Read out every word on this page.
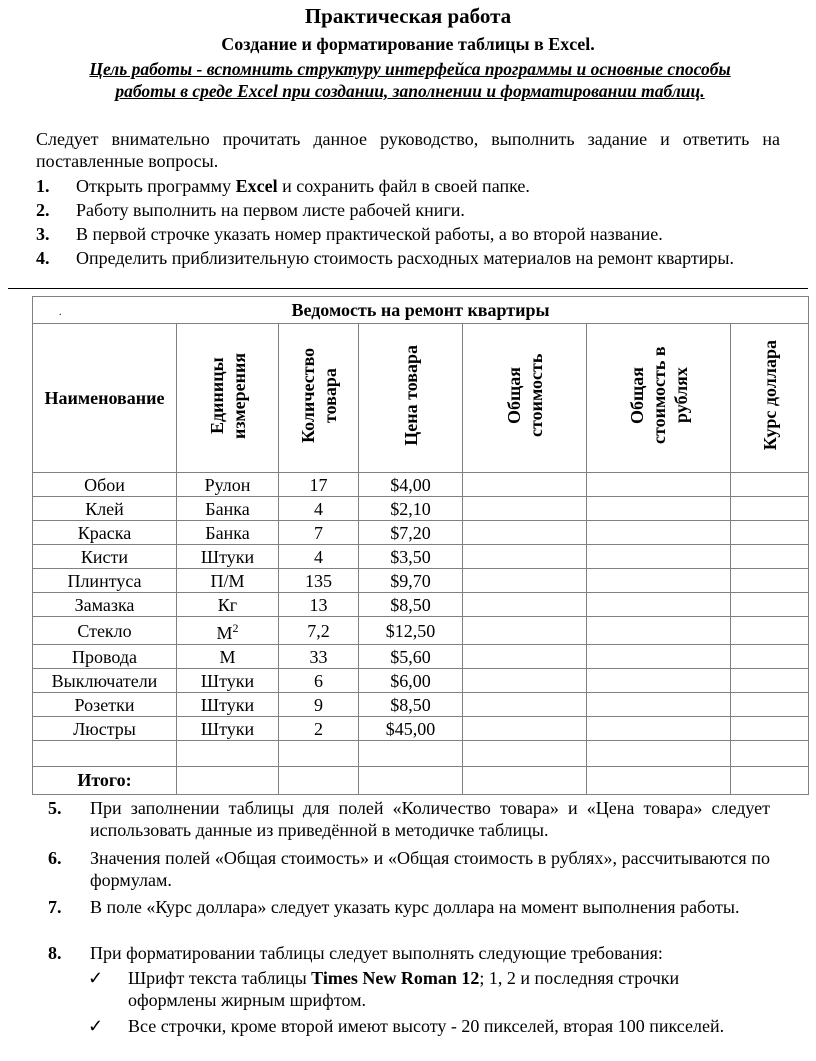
Практическая работа
Создание и форматирование таблицы в Excel.
Цель работы - вспомнить структуру интерфейса программы и основные способы работы в среде Excel при создании, заполнении и форматировании таблиц.
Следует внимательно прочитать данное руководство, выполнить задание и ответить на поставленные вопросы.
1.	Открыть программу Excel и сохранить файл в своей папке.
2.	Работу выполнить на первом листе рабочей книги.
3.	В первой строчке указать номер практической работы, а во второй название.
4.	Определить приблизительную стоимость расходных материалов на ремонт квартиры.
. Ведомость на ремонт квартиры						
Наименование	Единицы измерения	Количество товара	Цена товара	Общая стоимость	Общая стоимость в рублях	Курс доллара
Обои	Рулон	17	$4,00			
Клей	Банка	4	$2,10			
Краска	Банка	7	$7,20			
Кисти	Штуки	4	$3,50			
Плинтуса	П/М	135	$9,70			
Замазка	Кг	13	$8,50			
Стекло	$М^2$	7,2	$12,50			
Провода	М	33	$5,60			
Выключатели	Штуки	6	$6,00			
Розетки	Штуки	9	$8,50			
Люстры	Штуки	2	$45,00			

Итого:						
5.	При заполнении таблицы для полей «Количество товара» и «Цена товара» следует использовать данные из приведённой в методичке таблицы.
6.	Значения полей «Общая стоимость» и «Общая стоимость в рублях», рассчитываются по формулам.
7.	В поле «Курс доллара» следует указать курс доллара на момент выполнения работы.
8.	При форматировании таблицы следует выполнять следующие требования:
✓	Шрифт текста таблицы Times New Roman 12; 1, 2 и последняя строчки оформлены жирным шрифтом.
✓	Все строчки, кроме второй имеют высоту - 20 пикселей, вторая 100 пикселей.
